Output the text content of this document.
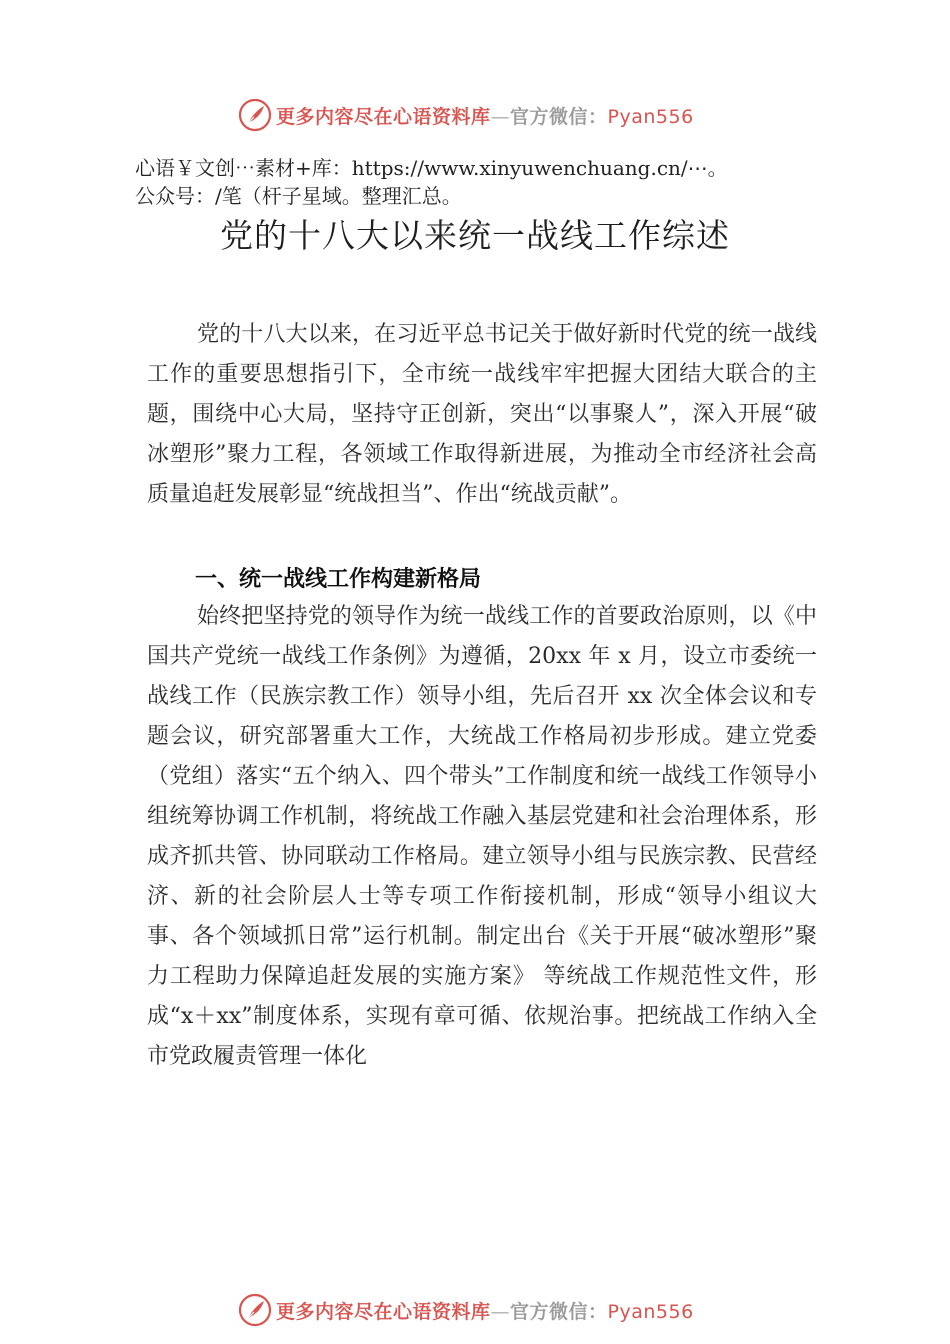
更多内容尽在心语资料库—官方微信：Pyan556
心语￥文创⋯素材+库：https://www.xinyuwenchuang.cn/⋯。
公众号：/笔（杆子星域。整理汇总。
党的十八大以来统一战线工作综述
党的十八大以来，在习近平总书记关于做好新时代党的统一战线工作的重要思想指引下，全市统一战线牢牢把握大团结大联合的主题，围绕中心大局，坚持守正创新，突出“以事聚人”，深入开展“破冰塑形”聚力工程，各领域工作取得新进展，为推动全市经济社会高质量追赶发展彰显“统战担当”、作出“统战贡献”。
一、统一战线工作构建新格局
始终把坚持党的领导作为统一战线工作的首要政治原则，以《中国共产党统一战线工作条例》为遵循，20xx 年 x 月，设立市委统一战线工作（民族宗教工作）领导小组，先后召开 xx 次全体会议和专题会议，研究部署重大工作，大统战工作格局初步形成。建立党委（党组）落实“五个纳入、四个带头”工作制度和统一战线工作领导小组统筹协调工作机制，将统战工作融入基层党建和社会治理体系，形成齐抓共管、协同联动工作格局。建立领导小组与民族宗教、民营经济、新的社会阶层人士等专项工作衔接机制，形成“领导小组议大事、各个领域抓日常”运行机制。制定出台《关于开展“破冰塑形”聚力工程助力保障追赶发展的实施方案》 等统战工作规范性文件，形成“x＋xx”制度体系，实现有章可循、依规治事。把统战工作纳入全市党政履责管理一体化
更多内容尽在心语资料库—官方微信：Pyan556
